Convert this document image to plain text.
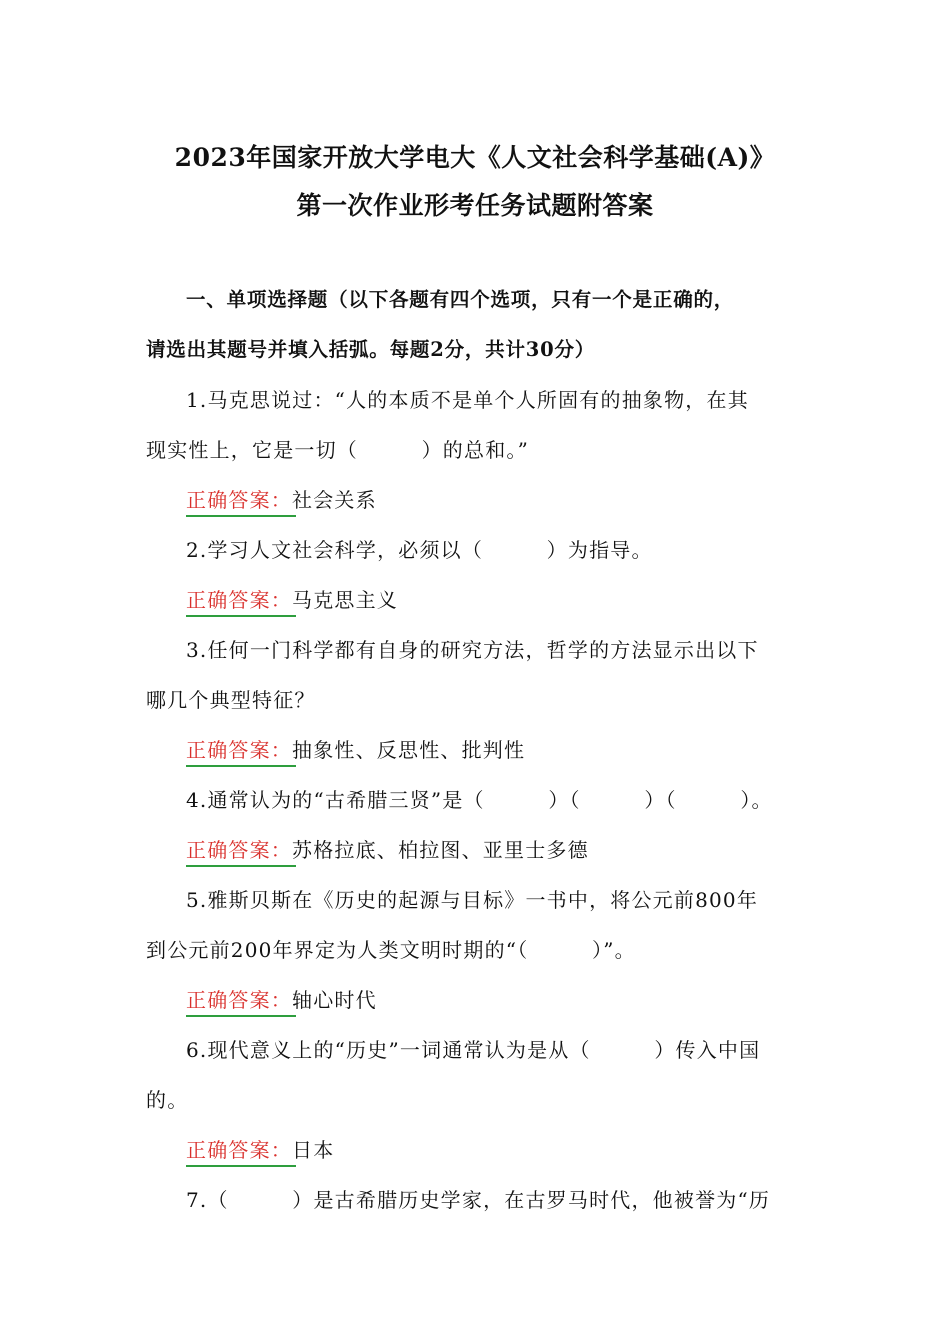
2023年国家开放大学电大《人文社会科学基础(A)》
第一次作业形考任务试题附答案
一、单项选择题（以下各题有四个选项，只有一个是正确的，
请选出其题号并填入括弧。每题2分，共计30分）
1.马克思说过：“人的本质不是单个人所固有的抽象物，在其
现实性上，它是一切（　　　）的总和。”
正确答案：社会关系
2.学习人文社会科学，必须以（　　　）为指导。
正确答案：马克思主义
3.任何一门科学都有自身的研究方法，哲学的方法显示出以下
哪几个典型特征？
正确答案：抽象性、反思性、批判性
4.通常认为的“古希腊三贤”是（　　　）（　　　）（　　　）。
正确答案：苏格拉底、柏拉图、亚里士多德
5.雅斯贝斯在《历史的起源与目标》一书中，将公元前800年
到公元前200年界定为人类文明时期的“（　　　）”。
正确答案：轴心时代
6.现代意义上的“历史”一词通常认为是从（　　　）传入中国
的。
正确答案：日本
7.（　　　）是古希腊历史学家，在古罗马时代，他被誉为“历
